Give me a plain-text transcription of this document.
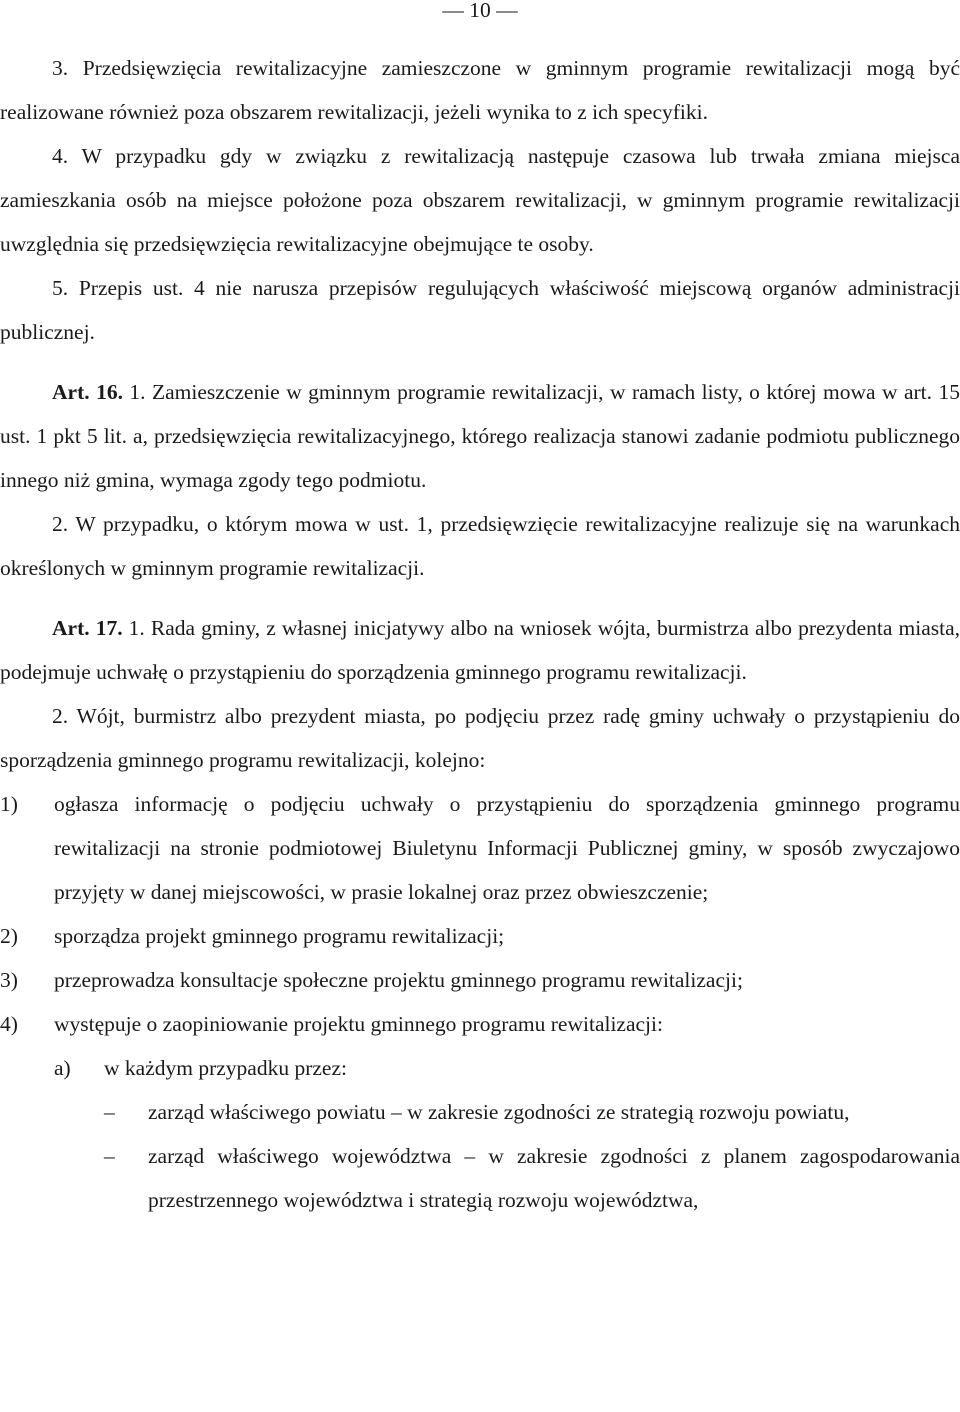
— 10 —

3. Przedsięwzięcia rewitalizacyjne zamieszczone w gminnym programie rewitalizacji mogą być realizowane również poza obszarem rewitalizacji, jeżeli wynika to z ich specyfiki.

4. W przypadku gdy w związku z rewitalizacją następuje czasowa lub trwała zmiana miejsca zamieszkania osób na miejsce położone poza obszarem rewitalizacji, w gminnym programie rewitalizacji uwzględnia się przedsięwzięcia rewitalizacyjne obejmujące te osoby.

5. Przepis ust. 4 nie narusza przepisów regulujących właściwość miejscową organów administracji publicznej.

Art. 16. 1. Zamieszczenie w gminnym programie rewitalizacji, w ramach listy, o której mowa w art. 15 ust. 1 pkt 5 lit. a, przedsięwzięcia rewitalizacyjnego, którego realizacja stanowi zadanie podmiotu publicznego innego niż gmina, wymaga zgody tego podmiotu.

2. W przypadku, o którym mowa w ust. 1, przedsięwzięcie rewitalizacyjne realizuje się na warunkach określonych w gminnym programie rewitalizacji.

Art. 17. 1. Rada gminy, z własnej inicjatywy albo na wniosek wójta, burmistrza albo prezydenta miasta, podejmuje uchwałę o przystąpieniu do sporządzenia gminnego programu rewitalizacji.

2. Wójt, burmistrz albo prezydent miasta, po podjęciu przez radę gminy uchwały o przystąpieniu do sporządzenia gminnego programu rewitalizacji, kolejno:

1) ogłasza informację o podjęciu uchwały o przystąpieniu do sporządzenia gminnego programu rewitalizacji na stronie podmiotowej Biuletynu Informacji Publicznej gminy, w sposób zwyczajowo przyjęty w danej miejscowości, w prasie lokalnej oraz przez obwieszczenie;
2) sporządza projekt gminnego programu rewitalizacji;
3) przeprowadza konsultacje społeczne projektu gminnego programu rewitalizacji;
4) występuje o zaopiniowanie projektu gminnego programu rewitalizacji:
a) w każdym przypadku przez:
– zarząd właściwego powiatu – w zakresie zgodności ze strategią rozwoju powiatu,
– zarząd właściwego województwa – w zakresie zgodności z planem zagospodarowania przestrzennego województwa i strategią rozwoju województwa,
